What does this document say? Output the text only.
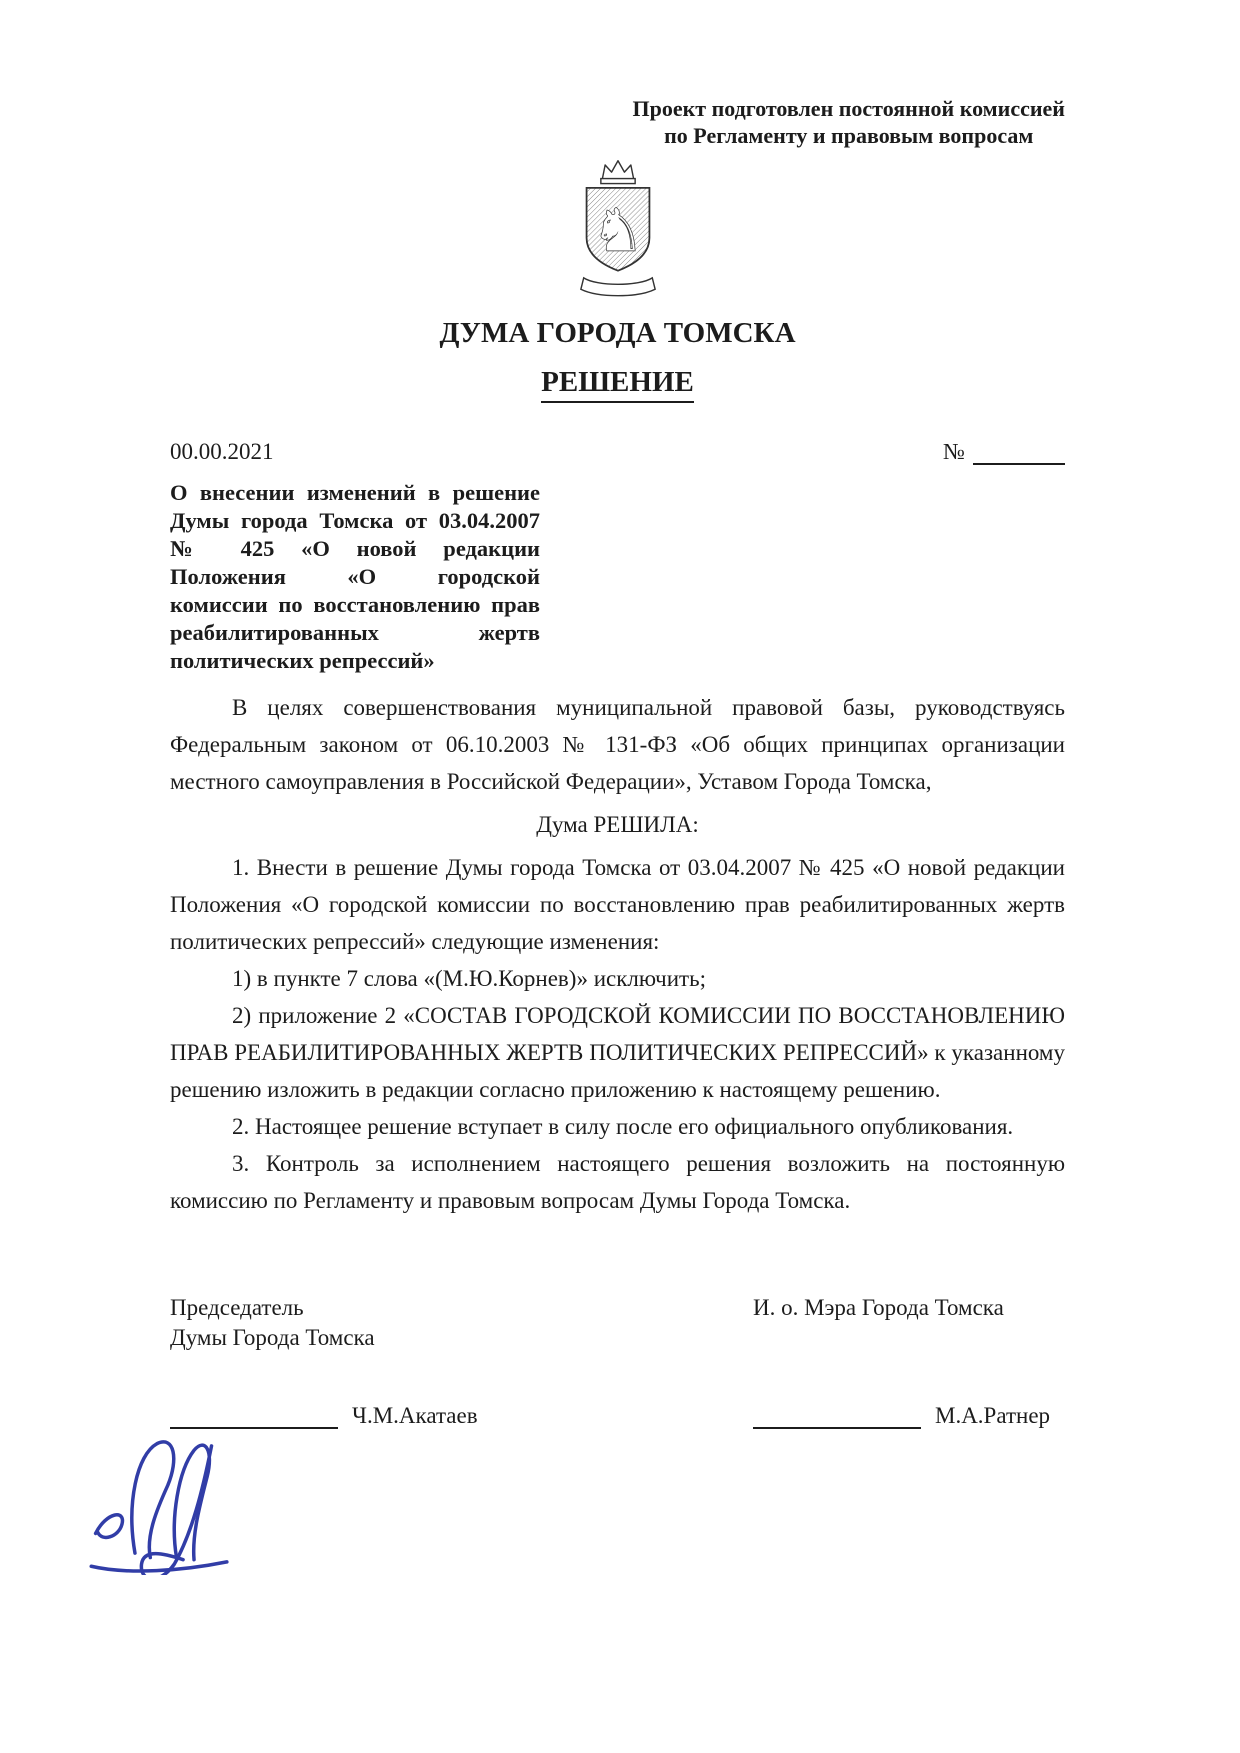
Проект подготовлен постоянной комиссией
по Регламенту и правовым вопросам
♞
ДУМА ГОРОДА ТОМСКА
РЕШЕНИЕ
00.00.2021	№
О внесении изменений в решение
Думы города Томска от 03.04.2007
№ 425 «О новой редакции
Положения «О городской
комиссии по восстановлению прав
реабилитированных жертв
политических репрессий»

В целях совершенствования муниципальной правовой базы, руководствуясь Федеральным законом от 06.10.2003 № 131-ФЗ «Об общих принципах организации местного самоуправления в Российской Федерации», Уставом Города Томска,

Дума РЕШИЛА:

1. Внести в решение Думы города Томска от 03.04.2007 № 425 «О новой редакции Положения «О городской комиссии по восстановлению прав реабилитированных жертв политических репрессий» следующие изменения:

1) в пункте 7 слова «(М.Ю.Корнев)» исключить;

2) приложение 2 «СОСТАВ ГОРОДСКОЙ КОМИССИИ ПО ВОССТАНОВЛЕНИЮ ПРАВ РЕАБИЛИТИРОВАННЫХ ЖЕРТВ ПОЛИТИЧЕСКИХ РЕПРЕССИЙ» к указанному решению изложить в редакции согласно приложению к настоящему решению.

2. Настоящее решение вступает в силу после его официального опубликования.

3. Контроль за исполнением настоящего решения возложить на постоянную комиссию по Регламенту и правовым вопросам Думы Города Томска.

Председатель
Думы Города Томска
И. о. Мэра Города Томска
Ч.М.Акатаев	М.А.Ратнер
